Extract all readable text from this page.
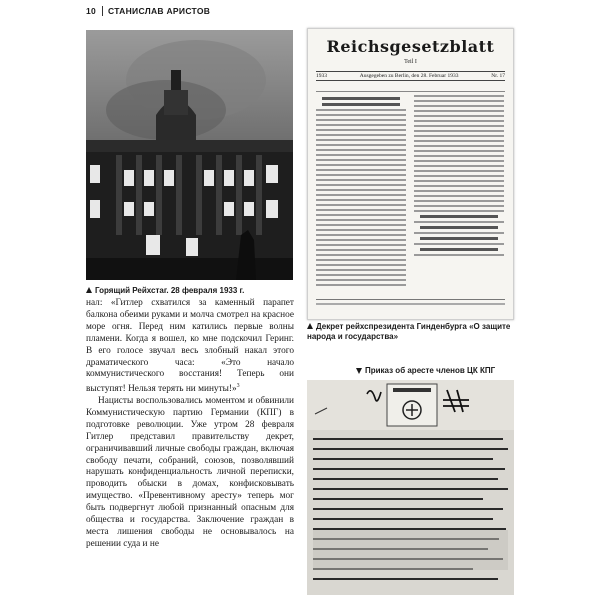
10 СТАНИСЛАВ АРИСТОВ
Горящий Рейхстаг. 28 февраля 1933 г.
Reichsgesetzblatt
Teil I
1933	Ausgegeben zu Berlin, den 28. Februar 1933	Nr. 17
Декрет рейхспрезидента Гинденбурга «О защите народа и государства»
Приказ об аресте членов ЦК КПГ

нал: «Гитлер схватился за каменный парапет балкона обеими руками и молча смотрел на красное море огня. Перед ним катились первые волны пламени. Когда я вошел, ко мне подскочил Геринг. В его голосе звучал весь злобный накал этого драматического часа: «Это начало коммунистического восстания! Теперь они выступят! Нельзя терять ни минуты!»$^3$

Нацисты воспользовались моментом и обвинили Коммунистическую партию Германии (КПГ) в подготовке революции. Уже утром 28 февраля Гитлер представил правительству декрет, ограничивавший личные свободы граждан, включая свободу печати, собраний, союзов, позволявший нарушать конфиденциальность личной переписки, проводить обыски в домах, конфисковывать имущество. «Превентивному аресту» теперь мог быть подвергнут любой признанный опасным для общества и государства. Заключение граждан в места лишения свободы не основывалось на решении суда и не
